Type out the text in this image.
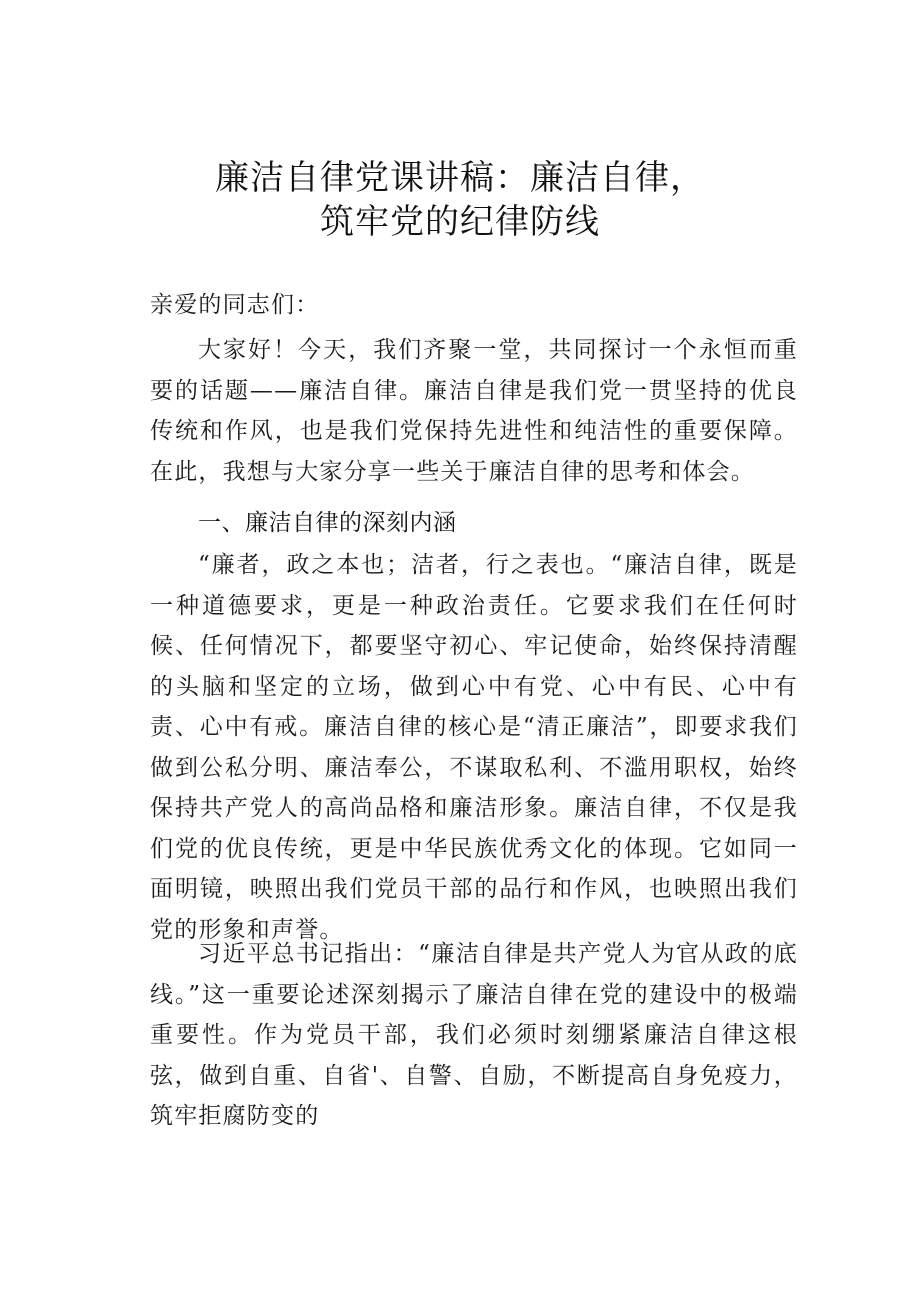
廉洁自律党课讲稿：廉洁自律，
筑牢党的纪律防线

亲爱的同志们：

大家好！今天，我们齐聚一堂，共同探讨一个永恒而重要的话题——廉洁自律。廉洁自律是我们党一贯坚持的优良传统和作风，也是我们党保持先进性和纯洁性的重要保障。在此，我想与大家分享一些关于廉洁自律的思考和体会。

一、廉洁自律的深刻内涵

“廉者，政之本也；洁者，行之表也。“廉洁自律，既是一种道德要求，更是一种政治责任。它要求我们在任何时候、任何情况下，都要坚守初心、牢记使命，始终保持清醒的头脑和坚定的立场，做到心中有党、心中有民、心中有责、心中有戒。廉洁自律的核心是“清正廉洁”，即要求我们做到公私分明、廉洁奉公，不谋取私利、不滥用职权，始终保持共产党人的高尚品格和廉洁形象。廉洁自律，不仅是我们党的优良传统，更是中华民族优秀文化的体现。它如同一面明镜，映照出我们党员干部的品行和作风，也映照出我们党的形象和声誉。

习近平总书记指出：“廉洁自律是共产党人为官从政的底线。”这一重要论述深刻揭示了廉洁自律在党的建设中的极端重要性。作为党员干部，我们必须时刻绷紧廉洁自律这根弦，做到自重、自省'、自警、自励，不断提高自身免疫力，筑牢拒腐防变的
